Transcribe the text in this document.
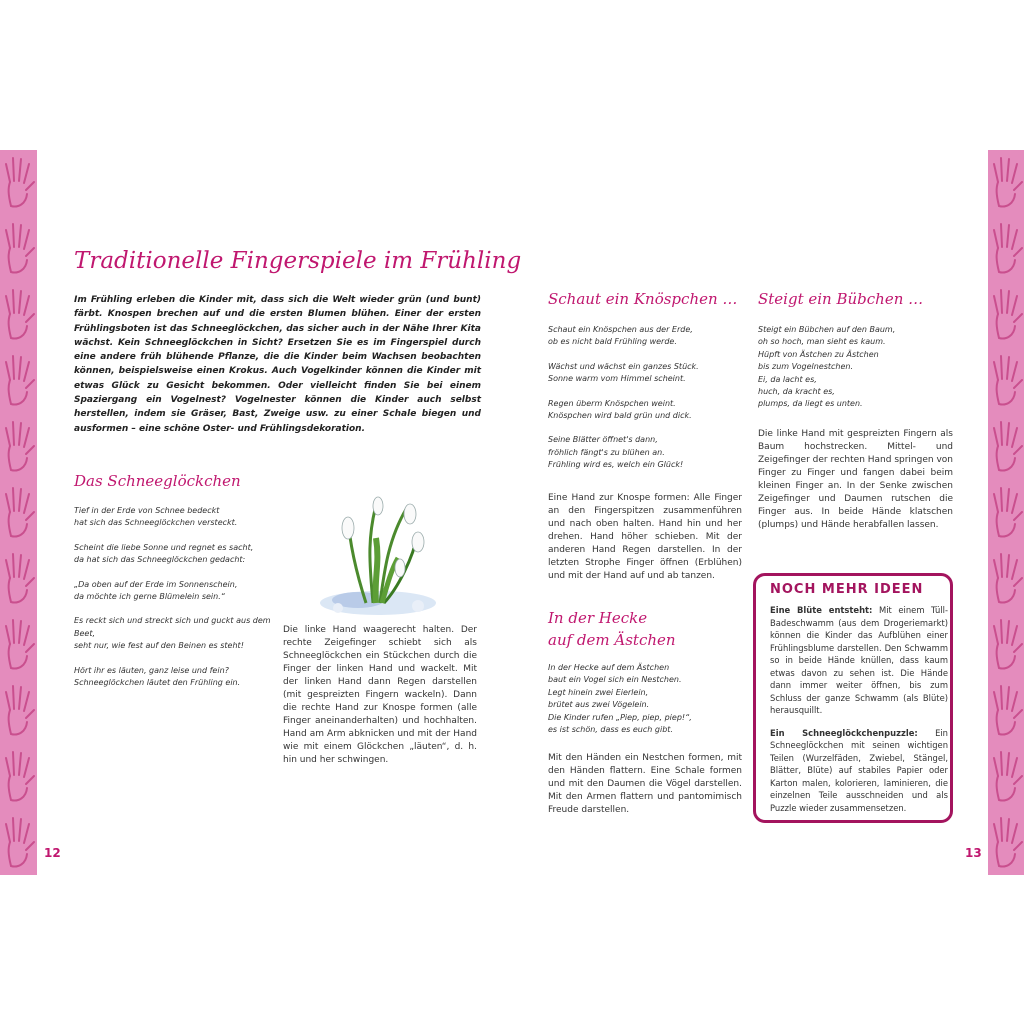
12	13
Traditionelle Fingerspiele im Frühling
Im Frühling erleben die Kinder mit, dass sich die Welt wieder grün (und bunt) färbt. Knospen brechen auf und die ersten Blumen blühen. Einer der ersten Frühlingsboten ist das Schneeglöckchen, das sicher auch in der Nähe Ihrer Kita wächst. Kein Schneeglöckchen in Sicht? Ersetzen Sie es im Fingerspiel durch eine andere früh blühende Pflanze, die die Kinder beim Wachsen beobachten können, beispielsweise einen Krokus. Auch Vogelkinder können die Kinder mit etwas Glück zu Gesicht bekommen. Oder vielleicht finden Sie bei einem Spaziergang ein Vogelnest? Vogelnester können die Kinder auch selbst herstellen, indem sie Gräser, Bast, Zweige usw. zu einer Schale biegen und ausformen – eine schöne Oster- und Frühlingsdekoration.
Das Schneeglöckchen

Tief in der Erde von Schnee bedeckt

hat sich das Schneeglöckchen versteckt.

Scheint die liebe Sonne und regnet es sacht,

da hat sich das Schneeglöckchen gedacht:

„Da oben auf der Erde im Sonnenschein,

da möchte ich gerne Blümelein sein.“

Es reckt sich und streckt sich und guckt aus dem Beet,

seht nur, wie fest auf den Beinen es steht!

Hört ihr es läuten, ganz leise und fein?

Schneeglöckchen läutet den Frühling ein.

Die linke Hand waagerecht halten. Der rechte Zeigefinger schiebt sich als Schneeglöckchen ein Stückchen durch die Finger der linken Hand und wackelt. Mit der linken Hand dann Regen darstellen (mit gespreizten Fingern wackeln). Dann die rechte Hand zur Knospe formen (alle Finger aneinanderhalten) und hochhalten. Hand am Arm abknicken und mit der Hand wie mit einem Glöckchen „läuten“, d. h. hin und her schwingen.
Schaut ein Knöspchen …

Schaut ein Knöspchen aus der Erde,

ob es nicht bald Frühling werde.

Wächst und wächst ein ganzes Stück.

Sonne warm vom Himmel scheint.

Regen überm Knöspchen weint.

Knöspchen wird bald grün und dick.

Seine Blätter öffnet's dann,

fröhlich fängt's zu blühen an.

Frühling wird es, welch ein Glück!

Eine Hand zur Knospe formen: Alle Finger an den Fingerspitzen zusammenführen und nach oben halten. Hand hin und her drehen. Hand höher schieben. Mit der anderen Hand Regen darstellen. In der letzten Strophe Finger öffnen (Erblühen) und mit der Hand auf und ab tanzen.
In der Hecke
auf dem Ästchen

In der Hecke auf dem Ästchen

baut ein Vogel sich ein Nestchen.

Legt hinein zwei Eierlein,

brütet aus zwei Vögelein.

Die Kinder rufen „Piep, piep, piep!“,

es ist schön, dass es euch gibt.

Mit den Händen ein Nestchen formen, mit den Händen flattern. Eine Schale formen und mit den Daumen die Vögel darstellen. Mit den Armen flattern und pantomimisch Freude darstellen.
Steigt ein Bübchen …

Steigt ein Bübchen auf den Baum,

oh so hoch, man sieht es kaum.

Hüpft von Ästchen zu Ästchen

bis zum Vogelnestchen.

Ei, da lacht es,

huch, da kracht es,

plumps, da liegt es unten.

Die linke Hand mit gespreizten Fingern als Baum hochstrecken. Mittel- und Zeigefinger der rechten Hand springen von Finger zu Finger und fangen dabei beim kleinen Finger an. In der Senke zwischen Zeigefinger und Daumen rutschen die Finger aus. In beide Hände klatschen (plumps) und Hände herabfallen lassen.
NOCH MEHR IDEEN

Eine Blüte entsteht: Mit einem Tüll-Badeschwamm (aus dem Drogeriemarkt) können die Kinder das Aufblühen einer Frühlingsblume darstellen. Den Schwamm so in beide Hände knüllen, dass kaum etwas davon zu sehen ist. Die Hände dann immer weiter öffnen, bis zum Schluss der ganze Schwamm (als Blüte) herausquillt.

Ein Schneeglöckchenpuzzle: Ein Schneeglöckchen mit seinen wichtigen Teilen (Wurzelfäden, Zwiebel, Stängel, Blätter, Blüte) auf stabiles Papier oder Karton malen, kolorieren, laminieren, die einzelnen Teile ausschneiden und als Puzzle wieder zusammensetzen.
